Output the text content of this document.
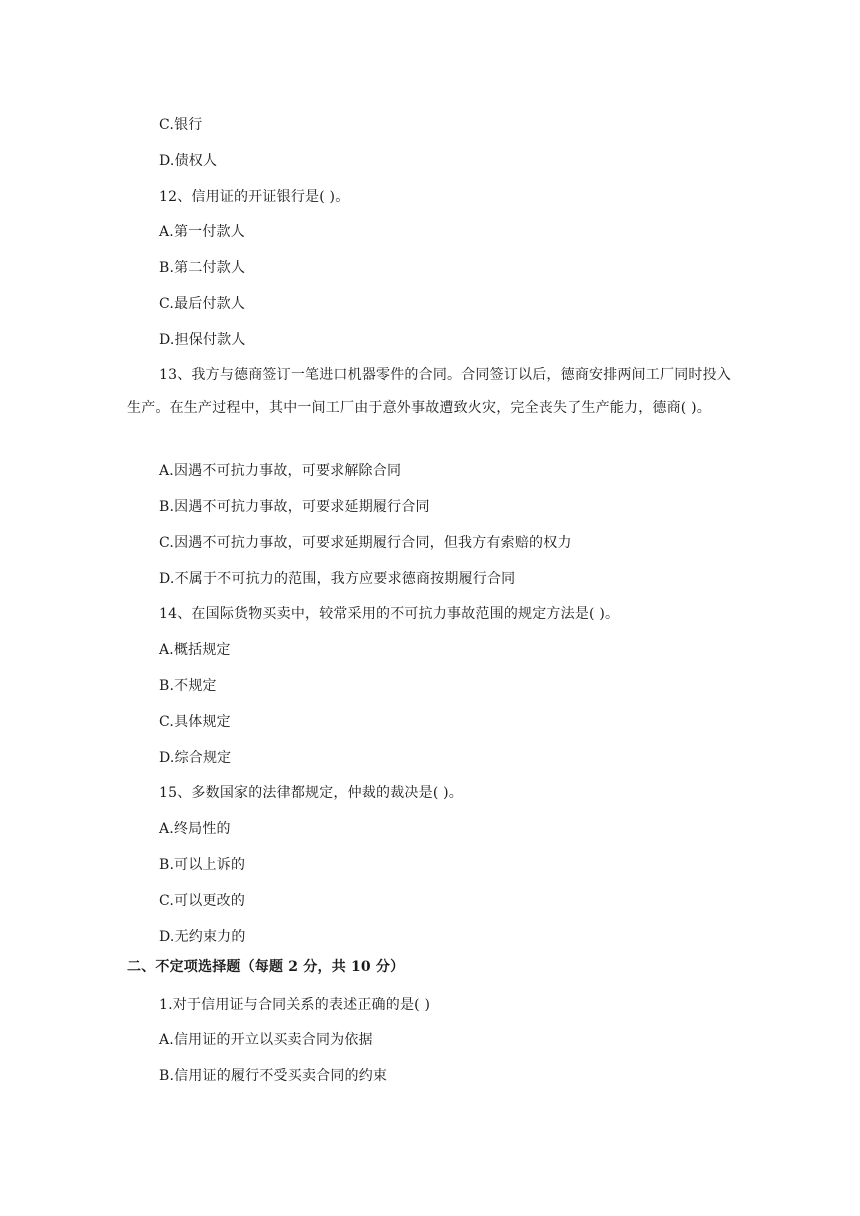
C.银行
D.债权人
12、信用证的开证银行是( )。
A.第一付款人
B.第二付款人
C.最后付款人
D.担保付款人
13、我方与德商签订一笔进口机器零件的合同。合同签订以后，德商安排两间工厂同时投入生产。在生产过程中，其中一间工厂由于意外事故遭致火灾，完全丧失了生产能力，德商( )。
A.因遇不可抗力事故，可要求解除合同
B.因遇不可抗力事故，可要求延期履行合同
C.因遇不可抗力事故，可要求延期履行合同，但我方有索赔的权力
D.不属于不可抗力的范围，我方应要求德商按期履行合同
14、在国际货物买卖中，较常采用的不可抗力事故范围的规定方法是( )。
A.概括规定
B.不规定
C.具体规定
D.综合规定
15、多数国家的法律都规定，仲裁的裁决是( )。
A.终局性的
B.可以上诉的
C.可以更改的
D.无约束力的
二、不定项选择题（每题 2 分，共 10 分）
1.对于信用证与合同关系的表述正确的是( )
A.信用证的开立以买卖合同为依据
B.信用证的履行不受买卖合同的约束
